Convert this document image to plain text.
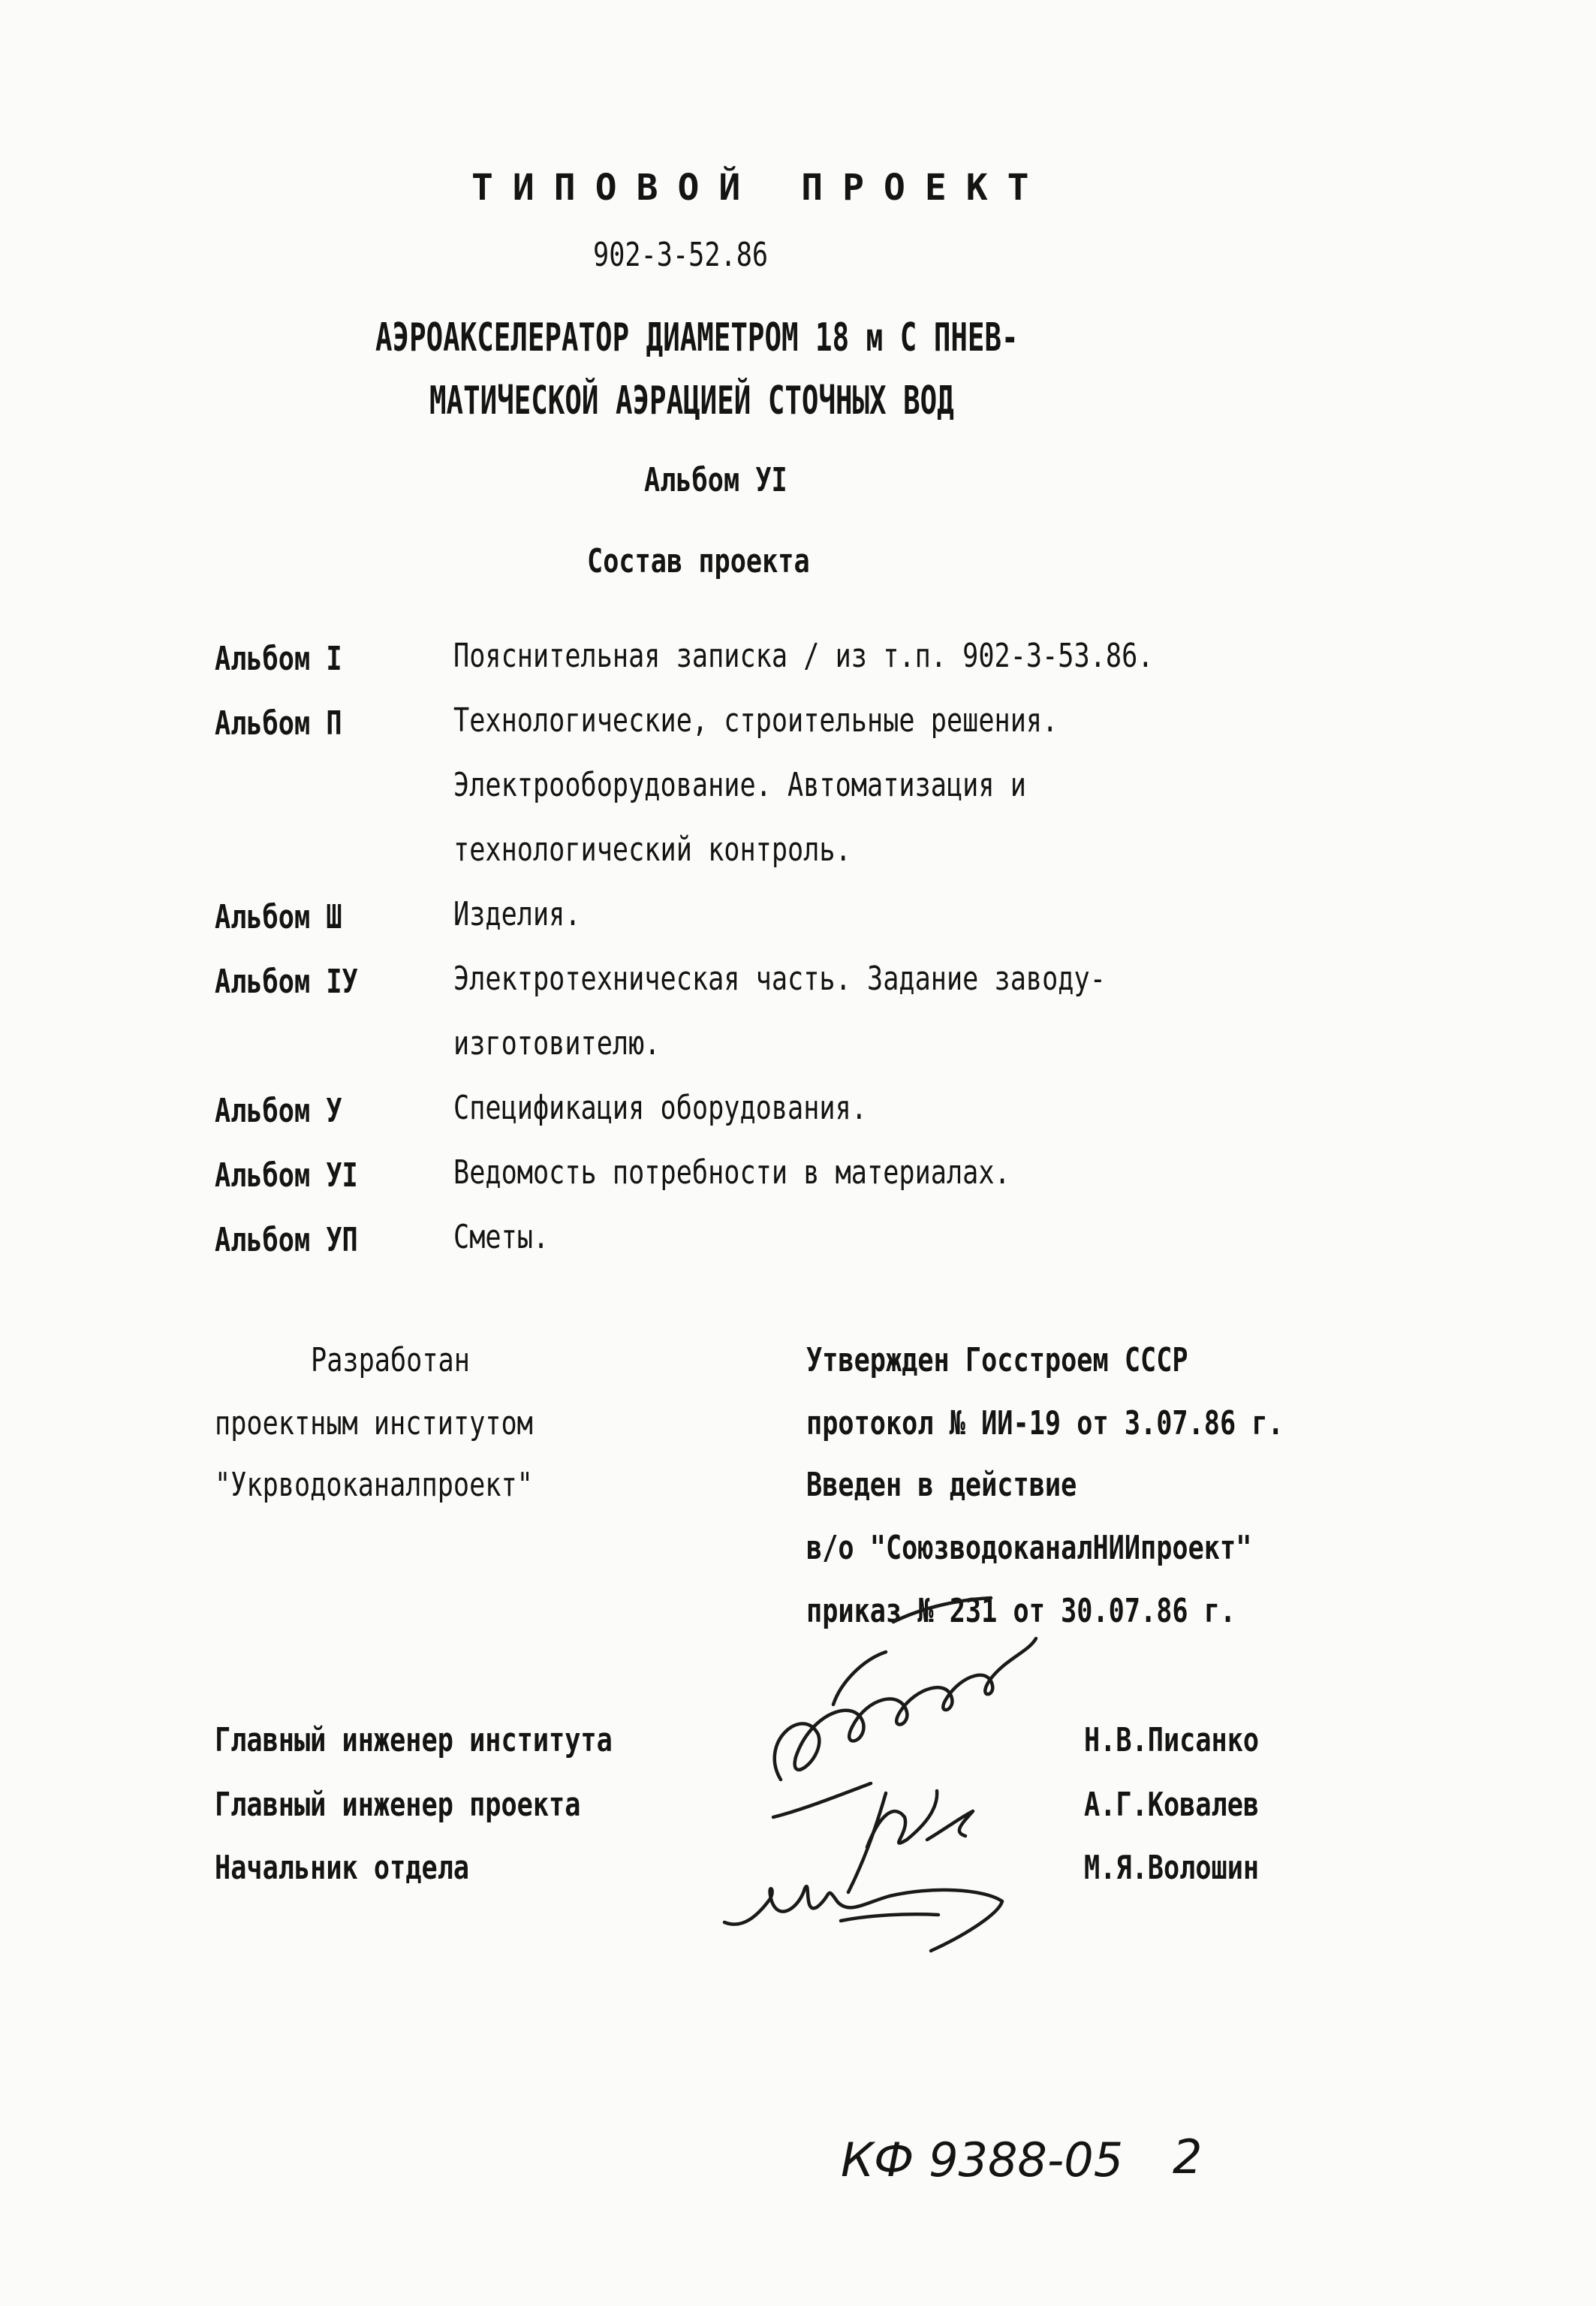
ТИПОВОЙ ПРОЕКТ
902-3-52.86
АЭРОАКСЕЛЕРАТОР ДИАМЕТРОМ 18 м С ПНЕВ-
МАТИЧЕСКОЙ АЭРАЦИЕЙ СТОЧНЫХ ВОД
Альбом УI
Состав проекта
Альбом I	Пояснительная записка / из т.п. 902-3-53.86.
Альбом П	Технологические, строительные решения.
Электрооборудование. Автоматизация и
технологический контроль.
Альбом Ш	Изделия.
Альбом IУ	Электротехническая часть. Задание заводу-
изготовителю.
Альбом У	Спецификация оборудования.
Альбом УI	Ведомость потребности в материалах.
Альбом УП	Сметы.
Разработан
проектным институтом
"Укрводоканалпроект"
Утвержден Госстроем СССР
протокол № ИИ-19 от 3.07.86 г.
Введен в действие
в/о "СоюзводоканалНИИпроект"
приказ № 231 от 30.07.86 г.
Главный инженер института	Н.В.Писанко
Главный инженер проекта	А.Г.Ковалев
Начальник отдела	М.Я.Волошин
КФ 9388-05 2
